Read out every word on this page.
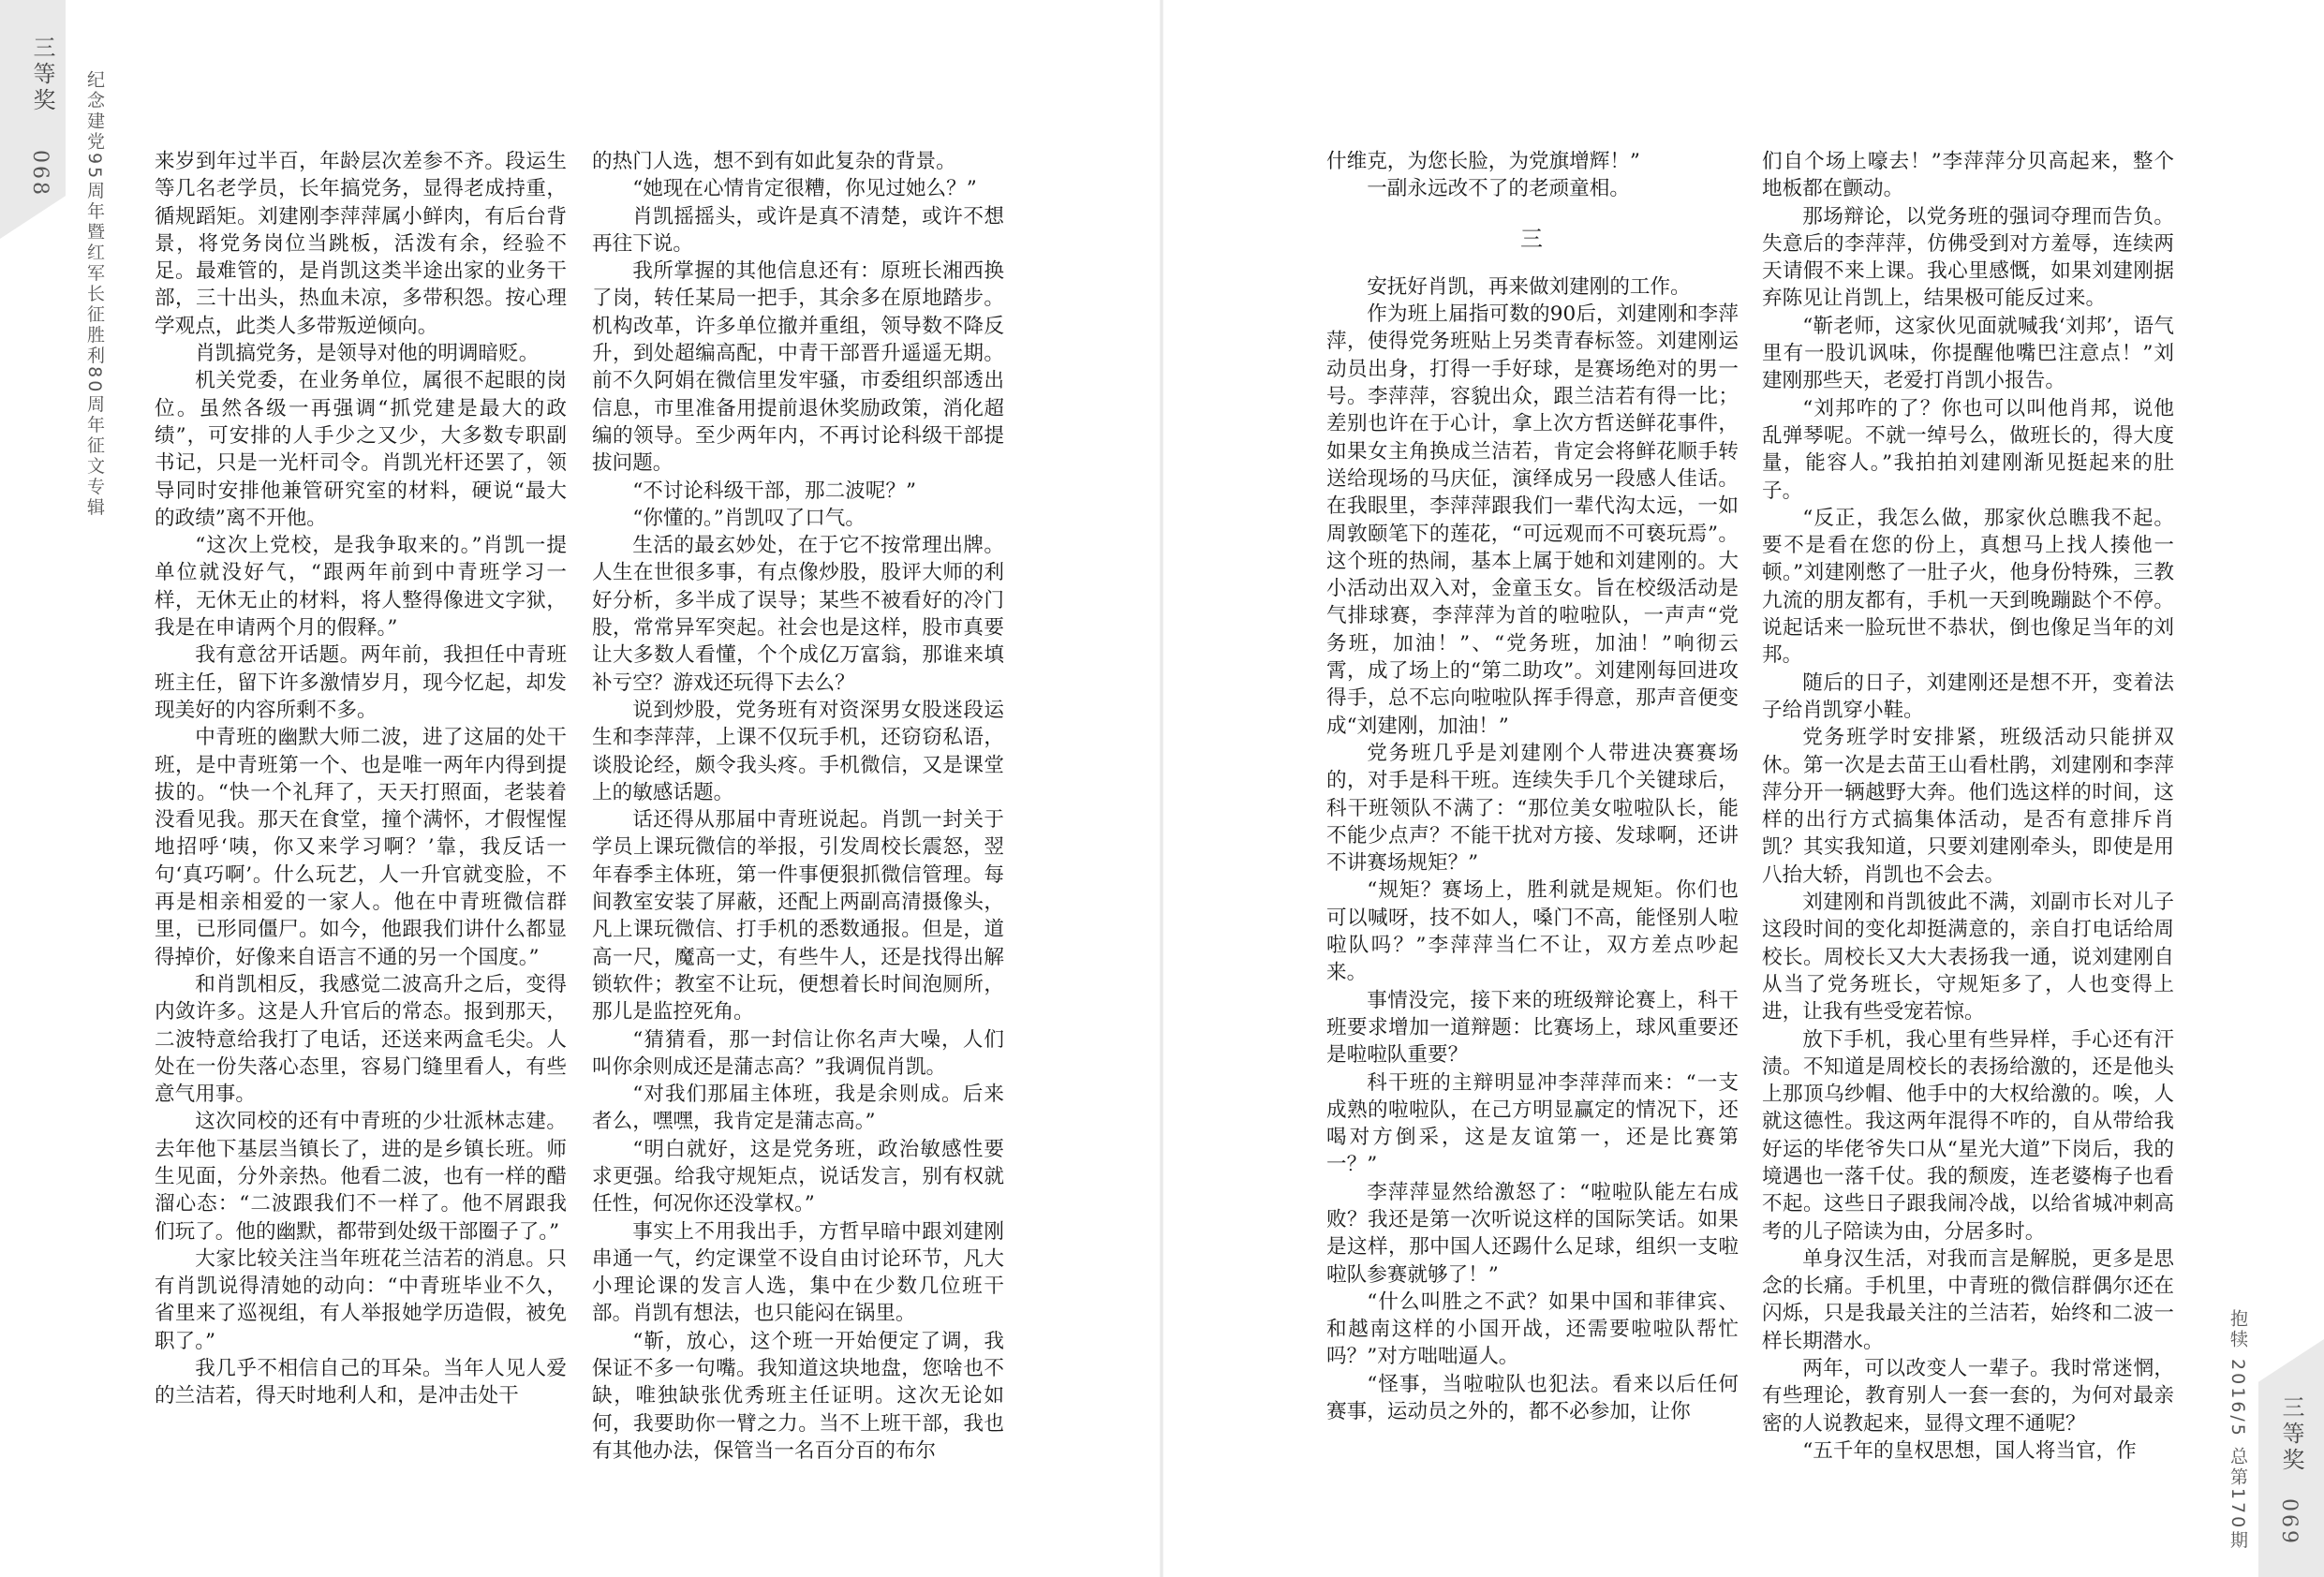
三等奖
068 纪念建党95周年暨红军长征胜利80周年征文专辑 来岁到年过半百，年龄层次差参不齐。段运生等几名老学员，长年搞党务，显得老成持重，循规蹈矩。刘建刚李萍萍属小鲜肉，有后台背景，将党务岗位当跳板，活泼有余，经验不足。最难管的，是肖凯这类半途出家的业务干部，三十出头，热血未凉，多带积怨。按心理学观点，此类人多带叛逆倾向。

肖凯搞党务，是领导对他的明调暗贬。

机关党委，在业务单位，属很不起眼的岗位。虽然各级一再强调“抓党建是最大的政绩”，可安排的人手少之又少，大多数专职副书记，只是一光杆司令。肖凯光杆还罢了，领导同时安排他兼管研究室的材料，硬说“最大的政绩”离不开他。

“这次上党校，是我争取来的。”肖凯一提单位就没好气，“跟两年前到中青班学习一样，无休无止的材料，将人整得像进文字狱，我是在申请两个月的假释。”

我有意岔开话题。两年前，我担任中青班班主任，留下许多激情岁月，现今忆起，却发现美好的内容所剩不多。

中青班的幽默大师二波，进了这届的处干班，是中青班第一个、也是唯一两年内得到提拔的。“快一个礼拜了，天天打照面，老装着没看见我。那天在食堂，撞个满怀，才假惺惺地招呼‘咦，你又来学习啊？’靠，我反话一句‘真巧啊’。什么玩艺，人一升官就变脸，不再是相亲相爱的一家人。他在中青班微信群里，已形同僵尸。如今，他跟我们讲什么都显得掉价，好像来自语言不通的另一个国度。”

和肖凯相反，我感觉二波高升之后，变得内敛许多。这是人升官后的常态。报到那天，二波特意给我打了电话，还送来两盒毛尖。人处在一份失落心态里，容易门缝里看人，有些意气用事。

这次同校的还有中青班的少壮派林志建。去年他下基层当镇长了，进的是乡镇长班。师生见面，分外亲热。他看二波，也有一样的醋溜心态：“二波跟我们不一样了。他不屑跟我们玩了。他的幽默，都带到处级干部圈子了。”

大家比较关注当年班花兰洁若的消息。只有肖凯说得清她的动向：“中青班毕业不久，省里来了巡视组，有人举报她学历造假，被免职了。”

我几乎不相信自己的耳朵。当年人见人爱的兰洁若，得天时地利人和，是冲击处干

的热门人选，想不到有如此复杂的背景。

“她现在心情肯定很糟，你见过她么？”

肖凯摇摇头，或许是真不清楚，或许不想再往下说。

我所掌握的其他信息还有：原班长湘西换了岗，转任某局一把手，其余多在原地踏步。机构改革，许多单位撤并重组，领导数不降反升，到处超编高配，中青干部晋升遥遥无期。前不久阿娟在微信里发牢骚，市委组织部透出信息，市里准备用提前退休奖励政策，消化超编的领导。至少两年内，不再讨论科级干部提拔问题。

“不讨论科级干部，那二波呢？”

“你懂的。”肖凯叹了口气。

生活的最玄妙处，在于它不按常理出牌。人生在世很多事，有点像炒股，股评大师的利好分析，多半成了误导；某些不被看好的冷门股，常常异军突起。社会也是这样，股市真要让大多数人看懂，个个成亿万富翁，那谁来填补亏空？游戏还玩得下去么？

说到炒股，党务班有对资深男女股迷段运生和李萍萍，上课不仅玩手机，还窃窃私语，谈股论经，颇令我头疼。手机微信，又是课堂上的敏感话题。

话还得从那届中青班说起。肖凯一封关于学员上课玩微信的举报，引发周校长震怒，翌年春季主体班，第一件事便狠抓微信管理。每间教室安装了屏蔽，还配上两副高清摄像头，凡上课玩微信、打手机的悉数通报。但是，道高一尺，魔高一丈，有些牛人，还是找得出解锁软件；教室不让玩，便想着长时间泡厕所，那儿是监控死角。

“猜猜看，那一封信让你名声大噪，人们叫你余则成还是蒲志高？”我调侃肖凯。

“对我们那届主体班，我是余则成。后来者么，嘿嘿，我肯定是蒲志高。”

“明白就好，这是党务班，政治敏感性要求更强。给我守规矩点，说话发言，别有权就任性，何况你还没掌权。”

事实上不用我出手，方哲早暗中跟刘建刚串通一气，约定课堂不设自由讨论环节，凡大小理论课的发言人选，集中在少数几位班干部。肖凯有想法，也只能闷在锅里。

“靳，放心，这个班一开始便定了调，我保证不多一句嘴。我知道这块地盘，您啥也不缺，唯独缺张优秀班主任证明。这次无论如何，我要助你一臂之力。当不上班干部，我也有其他办法，保管当一名百分百的布尔

什维克，为您长脸，为党旗增辉！”

一副永远改不了的老顽童相。

三

安抚好肖凯，再来做刘建刚的工作。

作为班上届指可数的90后，刘建刚和李萍萍，使得党务班贴上另类青春标签。刘建刚运动员出身，打得一手好球，是赛场绝对的男一号。李萍萍，容貌出众，跟兰洁若有得一比；差别也许在于心计，拿上次方哲送鲜花事件，如果女主角换成兰洁若，肯定会将鲜花顺手转送给现场的马庆佂，演绎成另一段感人佳话。在我眼里，李萍萍跟我们一辈代沟太远，一如周敦颐笔下的莲花，“可远观而不可亵玩焉”。这个班的热闹，基本上属于她和刘建刚的。大小活动出双入对，金童玉女。旨在校级活动是气排球赛，李萍萍为首的啦啦队，一声声“党务班，加油！”、“党务班，加油！”响彻云霄，成了场上的“第二助攻”。刘建刚每回进攻得手，总不忘向啦啦队挥手得意，那声音便变成“刘建刚，加油！”

党务班几乎是刘建刚个人带进决赛赛场的，对手是科干班。连续失手几个关键球后，科干班领队不满了：“那位美女啦啦队长，能不能少点声？不能干扰对方接、发球啊，还讲不讲赛场规矩？”

“规矩？赛场上，胜利就是规矩。你们也可以喊呀，技不如人，嗓门不高，能怪别人啦啦队吗？”李萍萍当仁不让，双方差点吵起来。

事情没完，接下来的班级辩论赛上，科干班要求增加一道辩题：比赛场上，球风重要还是啦啦队重要？

科干班的主辩明显冲李萍萍而来：“一支成熟的啦啦队，在己方明显赢定的情况下，还喝对方倒采，这是友谊第一，还是比赛第一？”

李萍萍显然给激怒了：“啦啦队能左右成败？我还是第一次听说这样的国际笑话。如果是这样，那中国人还踢什么足球，组织一支啦啦队参赛就够了！”

“什么叫胜之不武？如果中国和菲律宾、和越南这样的小国开战，还需要啦啦队帮忙吗？”对方咄咄逼人。

“怪事，当啦啦队也犯法。看来以后任何赛事，运动员之外的，都不必参加，让你

们自个场上嚎去！”李萍萍分贝高起来，整个地板都在颤动。

那场辩论，以党务班的强词夺理而告负。失意后的李萍萍，仿佛受到对方羞辱，连续两天请假不来上课。我心里感慨，如果刘建刚据弃陈见让肖凯上，结果极可能反过来。

“靳老师，这家伙见面就喊我‘刘邦’，语气里有一股讥讽味，你提醒他嘴巴注意点！”刘建刚那些天，老爱打肖凯小报告。

“刘邦咋的了？你也可以叫他肖邦，说他乱弹琴呢。不就一绰号么，做班长的，得大度量，能容人。”我拍拍刘建刚渐见挺起来的肚子。

“反正，我怎么做，那家伙总瞧我不起。要不是看在您的份上，真想马上找人揍他一顿。”刘建刚憋了一肚子火，他身份特殊，三教九流的朋友都有，手机一天到晚蹦跶个不停。说起话来一脸玩世不恭状，倒也像足当年的刘邦。

随后的日子，刘建刚还是想不开，变着法子给肖凯穿小鞋。

党务班学时安排紧，班级活动只能拼双休。第一次是去苗王山看杜鹃，刘建刚和李萍萍分开一辆越野大奔。他们选这样的时间，这样的出行方式搞集体活动，是否有意排斥肖凯？其实我知道，只要刘建刚牵头，即使是用八抬大轿，肖凯也不会去。

刘建刚和肖凯彼此不满，刘副市长对儿子这段时间的变化却挺满意的，亲自打电话给周校长。周校长又大大表扬我一通，说刘建刚自从当了党务班长，守规矩多了，人也变得上进，让我有些受宠若惊。

放下手机，我心里有些异样，手心还有汗渍。不知道是周校长的表扬给激的，还是他头上那顶乌纱帽、他手中的大权给激的。唉，人就这德性。我这两年混得不咋的，自从带给我好运的毕佬爷失口从“星光大道”下岗后，我的境遇也一落千仗。我的颓废，连老婆梅子也看不起。这些日子跟我闹冷战，以给省城冲刺高考的儿子陪读为由，分居多时。

单身汉生活，对我而言是解脱，更多是思念的长痛。手机里，中青班的微信群偶尔还在闪烁，只是我最关注的兰洁若，始终和二波一样长期潜水。

两年，可以改变人一辈子。我时常迷惘，有些理论，教育别人一套一套的，为何对最亲密的人说教起来，显得文理不通呢？

“五千年的皇权思想，国人将当官，作	抱犊 2016/5 总第170期 三等奖
069
